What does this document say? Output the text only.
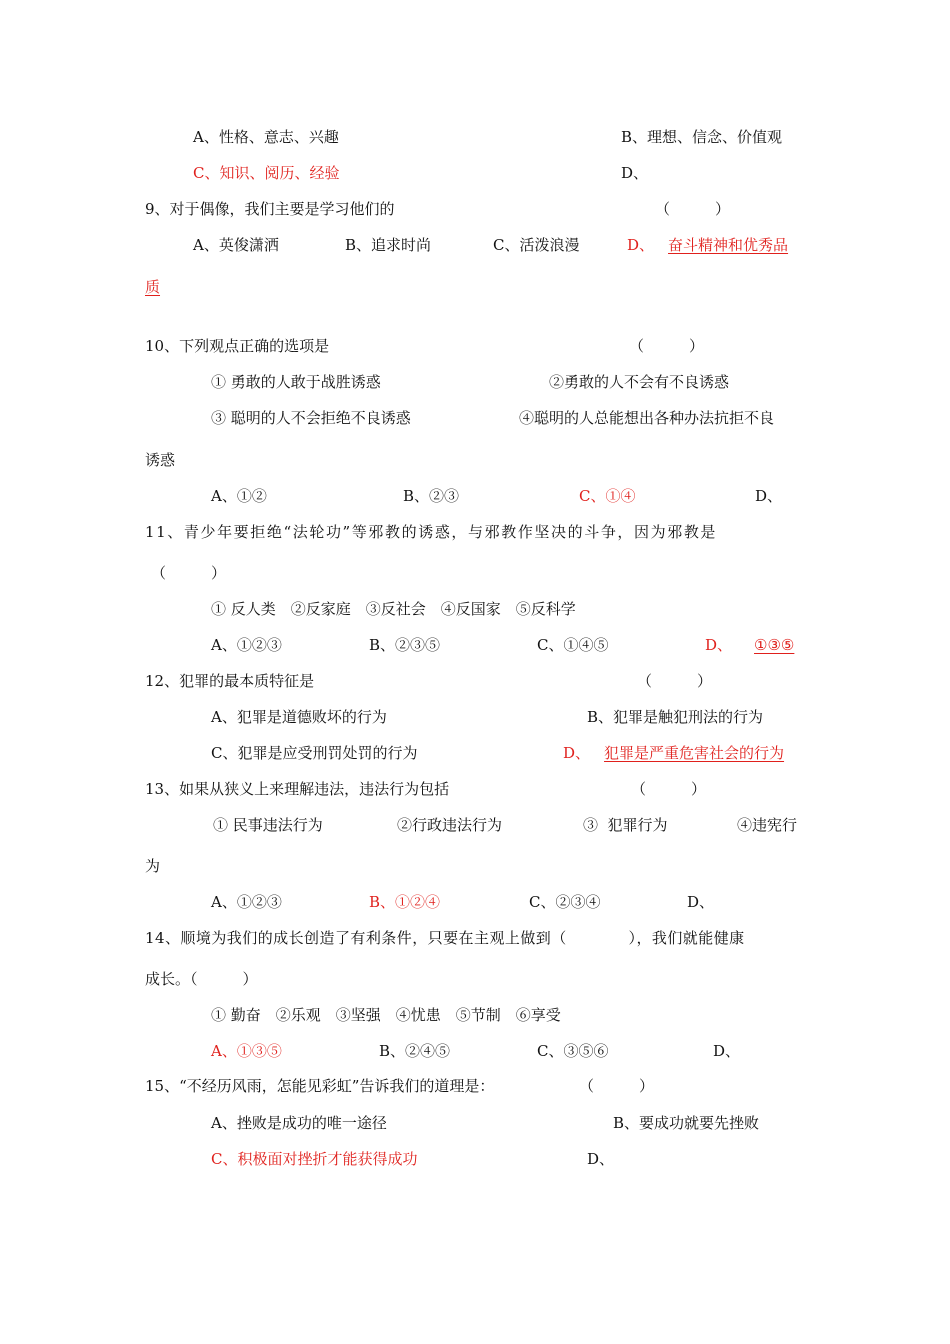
A、性格、意志、兴趣	B、理想、信念、价值观
C、知识、阅历、经验	D、
9、对于偶像，我们主要是学习他们的	（　　　）
A、英俊潇洒	B、追求时尚	C、活泼浪漫	D、 奋斗精神和优秀品
质
10、下列观点正确的选项是	（　　　）
① 勇敢的人敢于战胜诱惑	②勇敢的人不会有不良诱惑
③ 聪明的人不会拒绝不良诱惑	④聪明的人总能想出各种办法抗拒不良
诱惑
A、①②	B、②③	C、①④	D、
11、青少年要拒绝“法轮功”等邪教的诱惑，与邪教作坚决的斗争，因为邪教是
（　　　）
① 反人类　②反家庭　③反社会　④反国家　⑤反科学
A、①②③	B、②③⑤	C、①④⑤	D、 ①③⑤
12、犯罪的最本质特征是	（　　　）
A、犯罪是道德败坏的行为	B、犯罪是触犯刑法的行为
C、犯罪是应受刑罚处罚的行为	D、 犯罪是严重危害社会的行为
13、如果从狭义上来理解违法，违法行为包括	（　　　）
① 民事违法行为	②行政违法行为	③  犯罪行为	④违宪行
为
A、①②③	B、①②④	C、②③④	D、
14、顺境为我们的成长创造了有利条件，只要在主观上做到（　　　　），我们就能健康
成长。（　　　）
① 勤奋　②乐观　③坚强　④忧患　⑤节制　⑥享受
A、①③⑤	B、②④⑤	C、③⑤⑥	D、
15、“不经历风雨，怎能见彩虹”告诉我们的道理是：	（　　　）
A、挫败是成功的唯一途径	B、要成功就要先挫败
C、积极面对挫折才能获得成功	D、
